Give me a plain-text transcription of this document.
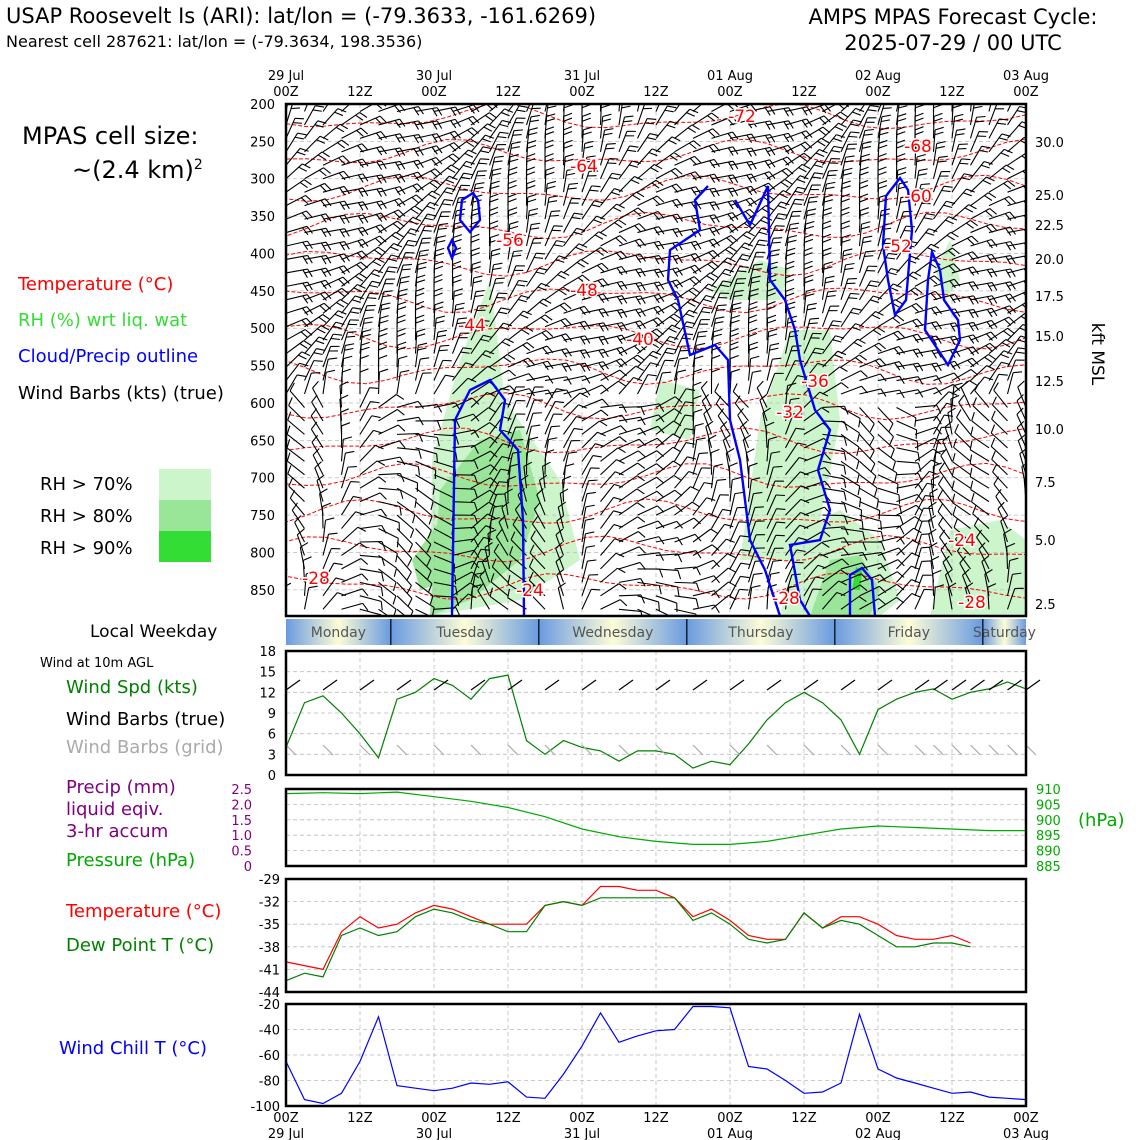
USAP Roosevelt Is (ARI): lat/lon = (-79.3633, -161.6269)
Nearest cell 287621: lat/lon = (-79.3634, 198.3536)
AMPS MPAS Forecast Cycle:
2025-07-29 / 00 UTC
MPAS cell size:
~(2.4 km)$^2$
Temperature (°C)
RH (%) wrt liq. wat
Cloud/Precip outline
Wind Barbs (kts) (true)
RH > 70%
RH > 80%
RH > 90%
Local Weekday
Wind at 10m AGL
Wind Spd (kts)
Wind Barbs (true)
Wind Barbs (grid)
Precip (mm)
liquid eqiv.
3-hr accum
Pressure (hPa)
Temperature (°C)
Dew Point T (°C)
Wind Chill T (°C)
29 Jul	30 Jul	31 Jul	01 Aug	02 Aug	03 Aug
00Z	12Z	00Z	12Z	00Z	12Z	00Z	12Z	00Z	12Z	00Z
-72
-68
-64
-60
-56	-52
-48
-44
-40
-36
-32
-28
-24
-24	-28	-28
200
250
300
350
400
450
500
550
600
650
700
750
800
850
30.0
25.0
22.5
20.0
17.5
15.0
12.5
10.0
7.5
5.0
2.5
kft MSL
Monday	Tuesday	Wednesday	Thursday	Friday	Saturday
0
3
6
9
12
15
18
0
0.5
1.0
1.5
2.0
2.5
885
890
895
900
905
910
(hPa)
-44
-41
-38
-35
-32
-29
-100
-80
-60
-40
-20
29 Jul	30 Jul	31 Jul	01 Aug	02 Aug	03 Aug
00Z	12Z	00Z	12Z	00Z	12Z	00Z	12Z	00Z	12Z	00Z
